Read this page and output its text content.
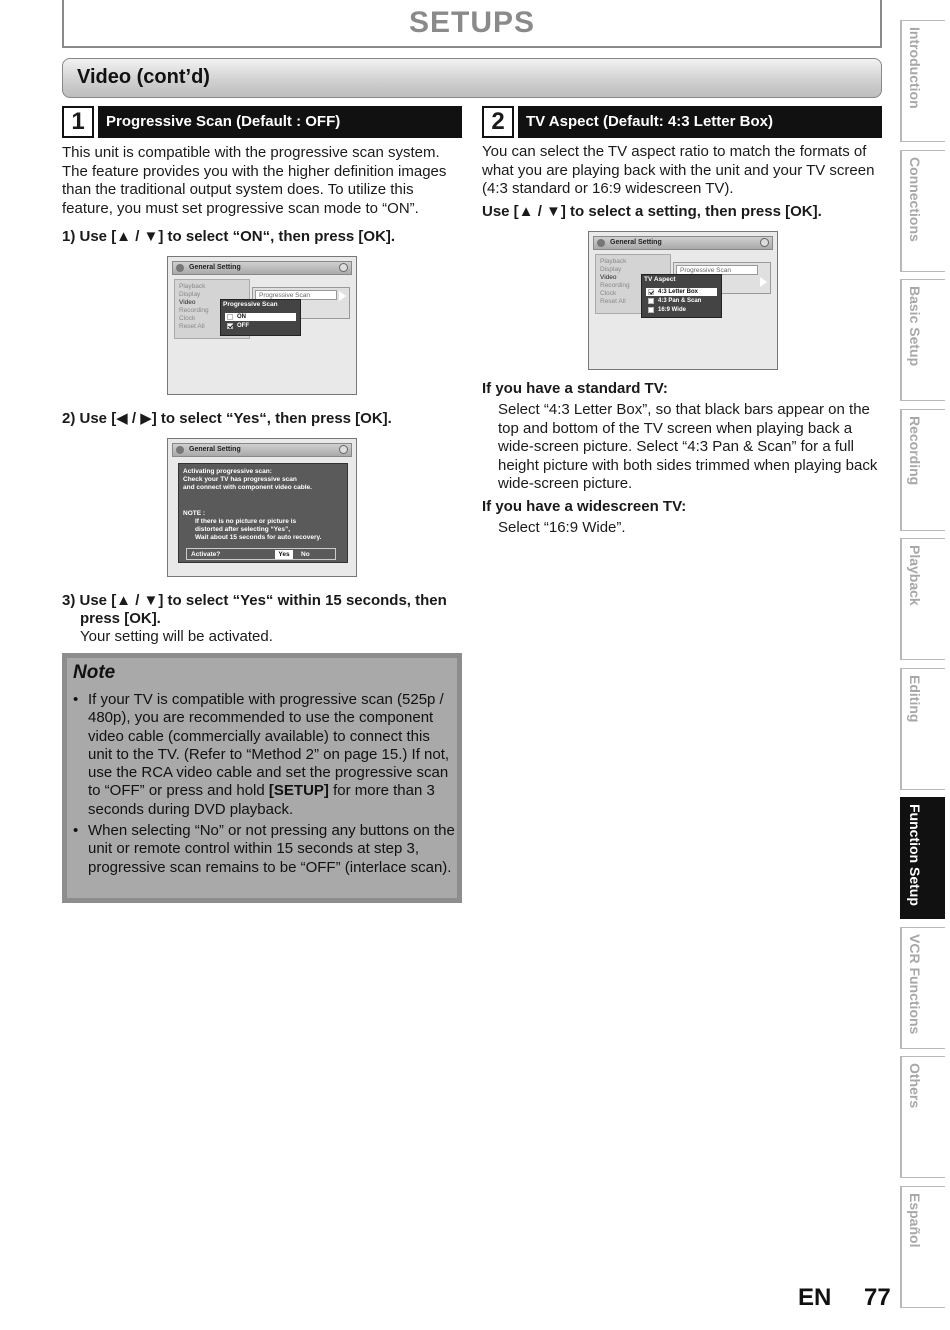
SETUPS
Video (cont’d)
1	Progressive Scan (Default : OFF)
This unit is compatible with the progressive scan system. The feature provides you with the higher definition images than the traditional output system does. To utilize this feature, you must set progressive scan mode to “ON”.
1) Use [▲ / ▼] to select “ON“, then press [OK].
General Setting
Playback
Display
Video
Recording
Clock
Reset All
Progressive Scan
Progressive Scan
ON
OFF
2) Use [◀ / ▶] to select “Yes“, then press [OK].
General Setting
Activating progressive scan:
Check your TV has progressive scan
and connect with component video cable.
NOTE :
If there is no picture or picture is
distorted after selecting “Yes”,
Wait about 15 seconds for auto recovery.
Activate?	Yes	No
3) Use [▲ / ▼] to select “Yes“ within 15 seconds, then
press [OK].
Your setting will be activated.
Note
• If your TV is compatible with progressive scan (525p / 480p), you are recommended to use the component video cable (commercially available) to connect this unit to the TV. (Refer to “Method 2” on page 15.) If not, use the RCA video cable and set the progressive scan to “OFF” or press and hold [SETUP] for more than 3 seconds during DVD playback.
• When selecting “No” or not pressing any buttons on the unit or remote control within 15 seconds at step 3, progressive scan remains to be “OFF” (interlace scan).
2	TV Aspect (Default: 4:3 Letter Box)
You can select the TV aspect ratio to match the formats of what you are playing back with the unit and your TV screen (4:3 standard or 16:9 widescreen TV).
Use [▲ / ▼] to select a setting, then press [OK].
General Setting
Playback
Display
Video
Recording
Clock
Reset All
Progressive Scan
TV Aspect
4:3 Letter Box
4:3 Pan & Scan
16:9 Wide
If you have a standard TV:
Select “4:3 Letter Box”, so that black bars appear on the top and bottom of the TV screen when playing back a wide-screen picture. Select “4:3 Pan & Scan” for a full height picture with both sides trimmed when playing back wide-screen picture.
If you have a widescreen TV:
Select “16:9 Wide”.
Introduction
Connections
Basic Setup
Recording
Playback
Editing
Function Setup
VCR Functions
Others
Español
EN 77
